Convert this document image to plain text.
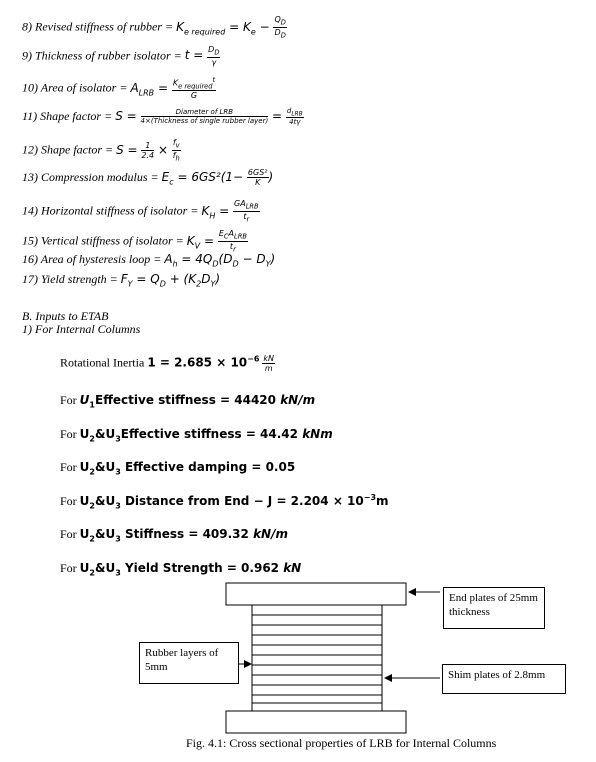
8) Revised stiffness of rubber = $K_{e required} = K_e - \frac{Q_D}{D_D}$
9) Thickness of rubber isolator = $t = \frac{D_D}{\gamma}$
10) Area of isolator = $A_{LRB} = \frac{K_{e required}^t}{G}$
11) Shape factor = $S = \frac{\text{Diameter of LRB}}{\text{4×(Thickness of single rubber layer)}} = \frac{d_{LRB}}{4t\gamma}$
12) Shape factor = $S = \frac{1}{2.4} \times \frac{f_v}{f_h}$
13) Compression modulus = $E_c = 6GS^2(1- \frac{\text{6GS²}}{K}$ )
14) Horizontal stiffness of isolator = $K_H = \frac{GA_{LRB}}{t_r}$
15) Vertical stiffness of isolator = $K_V = \frac{E_CA_{LRB}}{t_r}$
16) Area of hysteresis loop = $A_h = 4Q_D(D_D - D_Y)$
17) Yield strength = $F_Y = Q_D + (K_2D_Y)$
B. Inputs to ETAB
1) For Internal Columns
Rotational Inertia $1 = 2.685 \times 10^{-6} \frac{kN}{m}$
For $U_1Effective$ stiffness = 44420 kN/m
For $U_2\&U_3Effective$ stiffness = 44.42 kNm
For $U_2\&U_3$ Effective damping = 0.05
For $U_2\&U_3$ Distance from End − $J = 2.204 \times 10^{-3}m$
For $U_2\&U_3$ Stiffness = 409.32 kN/m
For $U_2\&U_3$ Yield Strength = 0.962 kN
End plates of 25mm thickness
Rubber layers of 5mm
Shim plates of 2.8mm
Fig. 4.1: Cross sectional properties of LRB for Internal Columns
